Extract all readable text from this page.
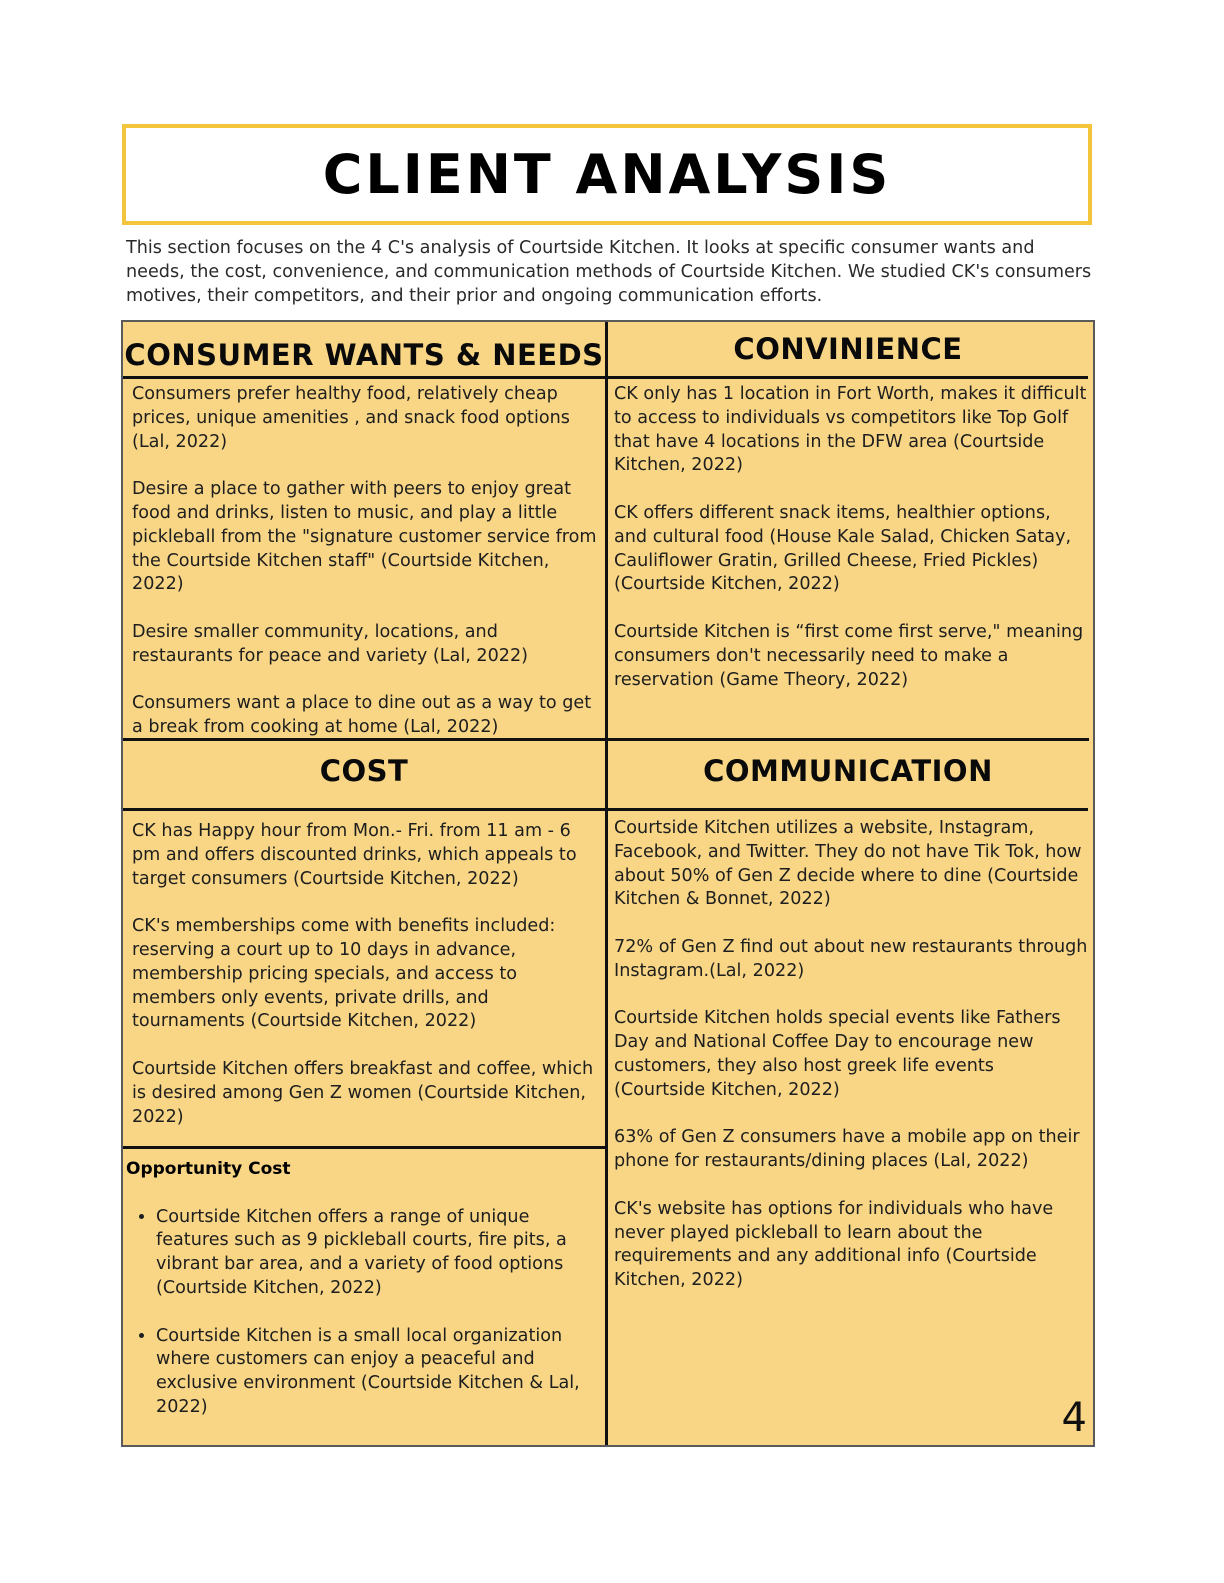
CLIENT ANALYSIS
This section focuses on the 4 C's analysis of Courtside Kitchen. It looks at specific consumer wants and needs, the cost, convenience, and communication methods of Courtside Kitchen. We studied CK's consumers motives, their competitors, and their prior and ongoing communication efforts.
CONSUMER WANTS & NEEDS

Consumers prefer healthy food, relatively cheap prices, unique amenities , and snack food options (Lal, 2022)

Desire a place to gather with peers to enjoy great food and drinks, listen to music, and play a little pickleball from the "signature customer service from the Courtside Kitchen staff" (Courtside Kitchen, 2022)

Desire smaller community, locations, and restaurants for peace and variety (Lal, 2022)

Consumers want a place to dine out as a way to get a break from cooking at home (Lal, 2022)

CONVINIENCE

CK only has 1 location in Fort Worth, makes it difficult to access to individuals vs competitors like Top Golf that have 4 locations in the DFW area (Courtside Kitchen, 2022)

CK offers different snack items, healthier options, and cultural food (House Kale Salad, Chicken Satay, Cauliflower Gratin, Grilled Cheese, Fried Pickles) (Courtside Kitchen, 2022)

Courtside Kitchen is “first come first serve," meaning consumers don't necessarily need to make a reservation (Game Theory, 2022)

COST

CK has Happy hour from Mon.- Fri. from 11 am - 6 pm and offers discounted drinks, which appeals to target consumers (Courtside Kitchen, 2022)

CK's memberships come with benefits included: reserving a court up to 10 days in advance, membership pricing specials, and access to members only events, private drills, and tournaments (Courtside Kitchen, 2022)

Courtside Kitchen offers breakfast and coffee, which is desired among Gen Z women (Courtside Kitchen, 2022)

Opportunity Cost

• Courtside Kitchen offers a range of unique features such as 9 pickleball courts, fire pits, a vibrant bar area, and a variety of food options (Courtside Kitchen, 2022)
• Courtside Kitchen is a small local organization where customers can enjoy a peaceful and exclusive environment (Courtside Kitchen & Lal, 2022)
COMMUNICATION

Courtside Kitchen utilizes a website, Instagram, Facebook, and Twitter. They do not have Tik Tok, how about 50% of Gen Z decide where to dine (Courtside Kitchen & Bonnet, 2022)

72% of Gen Z find out about new restaurants through Instagram.(Lal, 2022)

Courtside Kitchen holds special events like Fathers Day and National Coffee Day to encourage new customers, they also host greek life events (Courtside Kitchen, 2022)

63% of Gen Z consumers have a mobile app on their phone for restaurants/dining places (Lal, 2022)

CK's website has options for individuals who have never played pickleball to learn about the requirements and any additional info (Courtside Kitchen, 2022)

4
